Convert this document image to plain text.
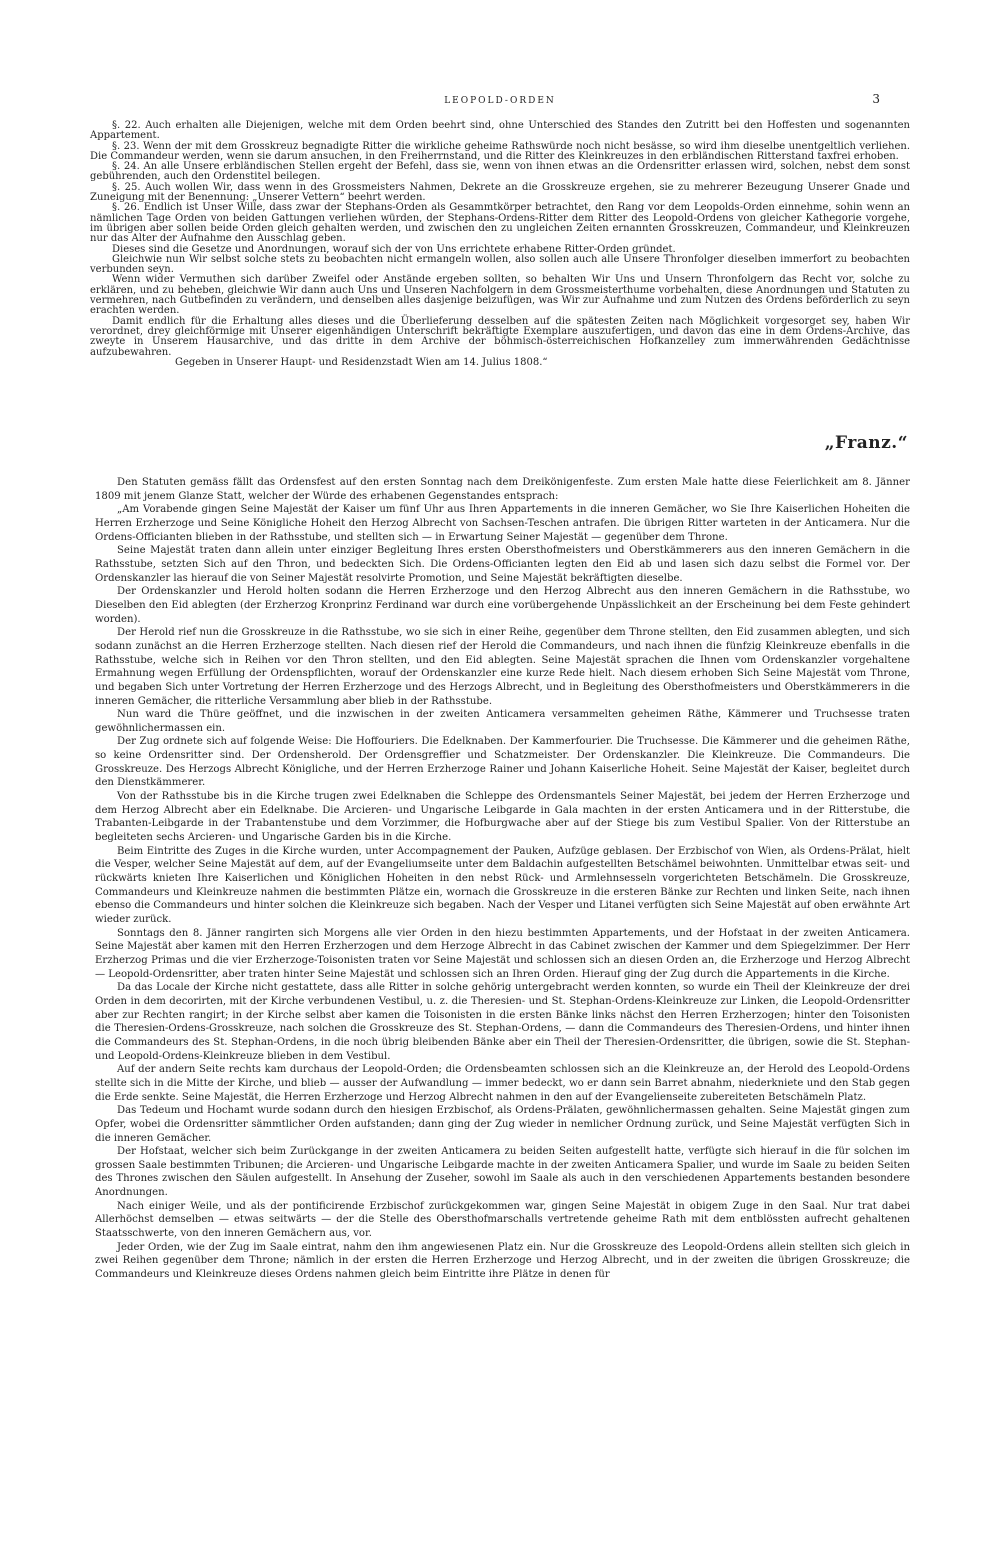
LEOPOLD-ORDEN	3

§. 22. Auch erhalten alle Diejenigen, welche mit dem Orden beehrt sind, ohne Unterschied des Standes den Zutritt bei den Hoffesten und sogenannten Appartement.

§. 23. Wenn der mit dem Grosskreuz begnadigte Ritter die wirkliche geheime Rathswürde noch nicht besässe, so wird ihm dieselbe unentgeltlich verliehen. Die Commandeur werden, wenn sie darum ansuchen, in den Freiherrnstand, und die Ritter des Kleinkreuzes in den erbländischen Ritterstand taxfrei erhoben.

§. 24. An alle Unsere erbländischen Stellen ergeht der Befehl, dass sie, wenn von ihnen etwas an die Ordensritter erlassen wird, solchen, nebst dem sonst gebührenden, auch den Ordenstitel beilegen.

§. 25. Auch wollen Wir, dass wenn in des Grossmeisters Nahmen, Dekrete an die Grosskreuze ergehen, sie zu mehrerer Bezeugung Unserer Gnade und Zuneigung mit der Benennung: „Unserer Vettern“ beehrt werden.

§. 26. Endlich ist Unser Wille, dass zwar der Stephans-Orden als Gesammtkörper betrachtet, den Rang vor dem Leopolds-Orden einnehme, sohin wenn an nämlichen Tage Orden von beiden Gattungen verliehen würden, der Stephans-Ordens-Ritter dem Ritter des Leopold-Ordens von gleicher Kathegorie vorgehe, im übrigen aber sollen beide Orden gleich gehalten werden, und zwischen den zu ungleichen Zeiten ernannten Grosskreuzen, Commandeur, und Kleinkreuzen nur das Alter der Aufnahme den Ausschlag geben.

Dieses sind die Gesetze und Anordnungen, worauf sich der von Uns errichtete erhabene Ritter-Orden gründet.

Gleichwie nun Wir selbst solche stets zu beobachten nicht ermangeln wollen, also sollen auch alle Unsere Thronfolger dieselben immerfort zu beobachten verbunden seyn.

Wenn wider Vermuthen sich darüber Zweifel oder Anstände ergeben sollten, so behalten Wir Uns und Unsern Thronfolgern das Recht vor, solche zu erklären, und zu beheben, gleichwie Wir dann auch Uns und Unseren Nachfolgern in dem Grossmeisterthume vorbehalten, diese Anordnungen und Statuten zu vermehren, nach Gutbefinden zu verändern, und denselben alles dasjenige beizufügen, was Wir zur Aufnahme und zum Nutzen des Ordens beförderlich zu seyn erachten werden.

Damit endlich für die Erhaltung alles dieses und die Überlieferung desselben auf die spätesten Zeiten nach Möglichkeit vorgesorget sey, haben Wir verordnet, drey gleichförmige mit Unserer eigenhändigen Unterschrift bekräftigte Exemplare auszufertigen, und davon das eine in dem Ordens-Archive, das zweyte in Unserem Hausarchive, und das dritte in dem Archive der böhmisch-österreichischen Hofkanzelley zum immerwährenden Gedächtnisse aufzubewahren.

Gegeben in Unserer Haupt- und Residenzstadt Wien am 14. Julius 1808.“

„Franz.“

Den Statuten gemäss fällt das Ordensfest auf den ersten Sonntag nach dem Dreikönigenfeste. Zum ersten Male hatte diese Feierlichkeit am 8. Jänner 1809 mit jenem Glanze Statt, welcher der Würde des erhabenen Gegenstandes entsprach:

„Am Vorabende gingen Seine Majestät der Kaiser um fünf Uhr aus Ihren Appartements in die inneren Gemächer, wo Sie Ihre Kaiserlichen Hoheiten die Herren Erzherzoge und Seine Königliche Hoheit den Herzog Albrecht von Sachsen-Teschen antrafen. Die übrigen Ritter warteten in der Anticamera. Nur die Ordens-Officianten blieben in der Rathsstube, und stellten sich — in Erwartung Seiner Majestät — gegenüber dem Throne.

Seine Majestät traten dann allein unter einziger Begleitung Ihres ersten Obersthofmeisters und Oberstkämmerers aus den inneren Gemächern in die Rathsstube, setzten Sich auf den Thron, und bedeckten Sich. Die Ordens-Officianten legten den Eid ab und lasen sich dazu selbst die Formel vor. Der Ordenskanzler las hierauf die von Seiner Majestät resolvirte Promotion, und Seine Majestät bekräftigten dieselbe.

Der Ordenskanzler und Herold holten sodann die Herren Erzherzoge und den Herzog Albrecht aus den inneren Gemächern in die Rathsstube, wo Dieselben den Eid ablegten (der Erzherzog Kronprinz Ferdinand war durch eine vorübergehende Unpässlichkeit an der Erscheinung bei dem Feste gehindert worden).

Der Herold rief nun die Grosskreuze in die Rathsstube, wo sie sich in einer Reihe, gegenüber dem Throne stellten, den Eid zusammen ablegten, und sich sodann zunächst an die Herren Erzherzoge stellten. Nach diesen rief der Herold die Commandeurs, und nach ihnen die fünfzig Kleinkreuze ebenfalls in die Rathsstube, welche sich in Reihen vor den Thron stellten, und den Eid ablegten. Seine Majestät sprachen die Ihnen vom Ordenskanzler vorgehaltene Ermahnung wegen Erfüllung der Ordenspflichten, worauf der Ordenskanzler eine kurze Rede hielt. Nach diesem erhoben Sich Seine Majestät vom Throne, und begaben Sich unter Vortretung der Herren Erzherzoge und des Herzogs Albrecht, und in Begleitung des Obersthofmeisters und Oberstkämmerers in die inneren Gemächer, die ritterliche Versammlung aber blieb in der Rathsstube.

Nun ward die Thüre geöffnet, und die inzwischen in der zweiten Anticamera versammelten geheimen Räthe, Kämmerer und Truchsesse traten gewöhnlichermassen ein.

Der Zug ordnete sich auf folgende Weise: Die Hoffouriers. Die Edelknaben. Der Kammerfourier. Die Truchsesse. Die Kämmerer und die geheimen Räthe, so keine Ordensritter sind. Der Ordensherold. Der Ordensgreffier und Schatzmeister. Der Ordenskanzler. Die Kleinkreuze. Die Commandeurs. Die Grosskreuze. Des Herzogs Albrecht Königliche, und der Herren Erzherzoge Rainer und Johann Kaiserliche Hoheit. Seine Majestät der Kaiser, begleitet durch den Dienstkämmerer.

Von der Rathsstube bis in die Kirche trugen zwei Edelknaben die Schleppe des Ordensmantels Seiner Majestät, bei jedem der Herren Erzherzoge und dem Herzog Albrecht aber ein Edelknabe. Die Arcieren- und Ungarische Leibgarde in Gala machten in der ersten Anticamera und in der Ritterstube, die Trabanten-Leibgarde in der Trabantenstube und dem Vorzimmer, die Hofburgwache aber auf der Stiege bis zum Vestibul Spalier. Von der Ritterstube an begleiteten sechs Arcieren- und Ungarische Garden bis in die Kirche.

Beim Eintritte des Zuges in die Kirche wurden, unter Accompagnement der Pauken, Aufzüge geblasen. Der Erzbischof von Wien, als Ordens-Prälat, hielt die Vesper, welcher Seine Majestät auf dem, auf der Evangeliumseite unter dem Baldachin aufgestellten Betschämel beiwohnten. Unmittelbar etwas seit- und rückwärts knieten Ihre Kaiserlichen und Königlichen Hoheiten in den nebst Rück- und Armlehnsesseln vorgerichteten Betschämeln. Die Grosskreuze, Commandeurs und Kleinkreuze nahmen die bestimmten Plätze ein, wornach die Grosskreuze in die ersteren Bänke zur Rechten und linken Seite, nach ihnen ebenso die Commandeurs und hinter solchen die Kleinkreuze sich begaben. Nach der Vesper und Litanei verfügten sich Seine Majestät auf oben erwähnte Art wieder zurück.

Sonntags den 8. Jänner rangirten sich Morgens alle vier Orden in den hiezu bestimmten Appartements, und der Hofstaat in der zweiten Anticamera. Seine Majestät aber kamen mit den Herren Erzherzogen und dem Herzoge Albrecht in das Cabinet zwischen der Kammer und dem Spiegelzimmer. Der Herr Erzherzog Primas und die vier Erzherzoge-Toisonisten traten vor Seine Majestät und schlossen sich an diesen Orden an, die Erzherzoge und Herzog Albrecht — Leopold-Ordensritter, aber traten hinter Seine Majestät und schlossen sich an Ihren Orden. Hierauf ging der Zug durch die Appartements in die Kirche.

Da das Locale der Kirche nicht gestattete, dass alle Ritter in solche gehörig untergebracht werden konnten, so wurde ein Theil der Kleinkreuze der drei Orden in dem decorirten, mit der Kirche verbundenen Vestibul, u. z. die Theresien- und St. Stephan-Ordens-Kleinkreuze zur Linken, die Leopold-Ordensritter aber zur Rechten rangirt; in der Kirche selbst aber kamen die Toisonisten in die ersten Bänke links nächst den Herren Erzherzogen; hinter den Toisonisten die Theresien-Ordens-Grosskreuze, nach solchen die Grosskreuze des St. Stephan-Ordens, — dann die Commandeurs des Theresien-Ordens, und hinter ihnen die Commandeurs des St. Stephan-Ordens, in die noch übrig bleibenden Bänke aber ein Theil der Theresien-Ordensritter, die übrigen, sowie die St. Stephan- und Leopold-Ordens-Kleinkreuze blieben in dem Vestibul.

Auf der andern Seite rechts kam durchaus der Leopold-Orden; die Ordensbeamten schlossen sich an die Kleinkreuze an, der Herold des Leopold-Ordens stellte sich in die Mitte der Kirche, und blieb — ausser der Aufwandlung — immer bedeckt, wo er dann sein Barret abnahm, niederkniete und den Stab gegen die Erde senkte. Seine Majestät, die Herren Erzherzoge und Herzog Albrecht nahmen in den auf der Evangelienseite zubereiteten Betschämeln Platz.

Das Tedeum und Hochamt wurde sodann durch den hiesigen Erzbischof, als Ordens-Prälaten, gewöhnlichermassen gehalten. Seine Majestät gingen zum Opfer, wobei die Ordensritter sämmtlicher Orden aufstanden; dann ging der Zug wieder in nemlicher Ordnung zurück, und Seine Majestät verfügten Sich in die inneren Gemächer.

Der Hofstaat, welcher sich beim Zurückgange in der zweiten Anticamera zu beiden Seiten aufgestellt hatte, verfügte sich hierauf in die für solchen im grossen Saale bestimmten Tribunen; die Arcieren- und Ungarische Leibgarde machte in der zweiten Anticamera Spalier, und wurde im Saale zu beiden Seiten des Thrones zwischen den Säulen aufgestellt. In Ansehung der Zuseher, sowohl im Saale als auch in den verschiedenen Appartements bestanden besondere Anordnungen.

Nach einiger Weile, und als der pontificirende Erzbischof zurückgekommen war, gingen Seine Majestät in obigem Zuge in den Saal. Nur trat dabei Allerhöchst demselben — etwas seitwärts — der die Stelle des Obersthofmarschalls vertretende geheime Rath mit dem entblössten aufrecht gehaltenen Staatsschwerte, von den inneren Gemächern aus, vor.

Jeder Orden, wie der Zug im Saale eintrat, nahm den ihm angewiesenen Platz ein. Nur die Grosskreuze des Leopold-Ordens allein stellten sich gleich in zwei Reihen gegenüber dem Throne; nämlich in der ersten die Herren Erzherzoge und Herzog Albrecht, und in der zweiten die übrigen Grosskreuze; die Commandeurs und Kleinkreuze dieses Ordens nahmen gleich beim Eintritte ihre Plätze in denen für
